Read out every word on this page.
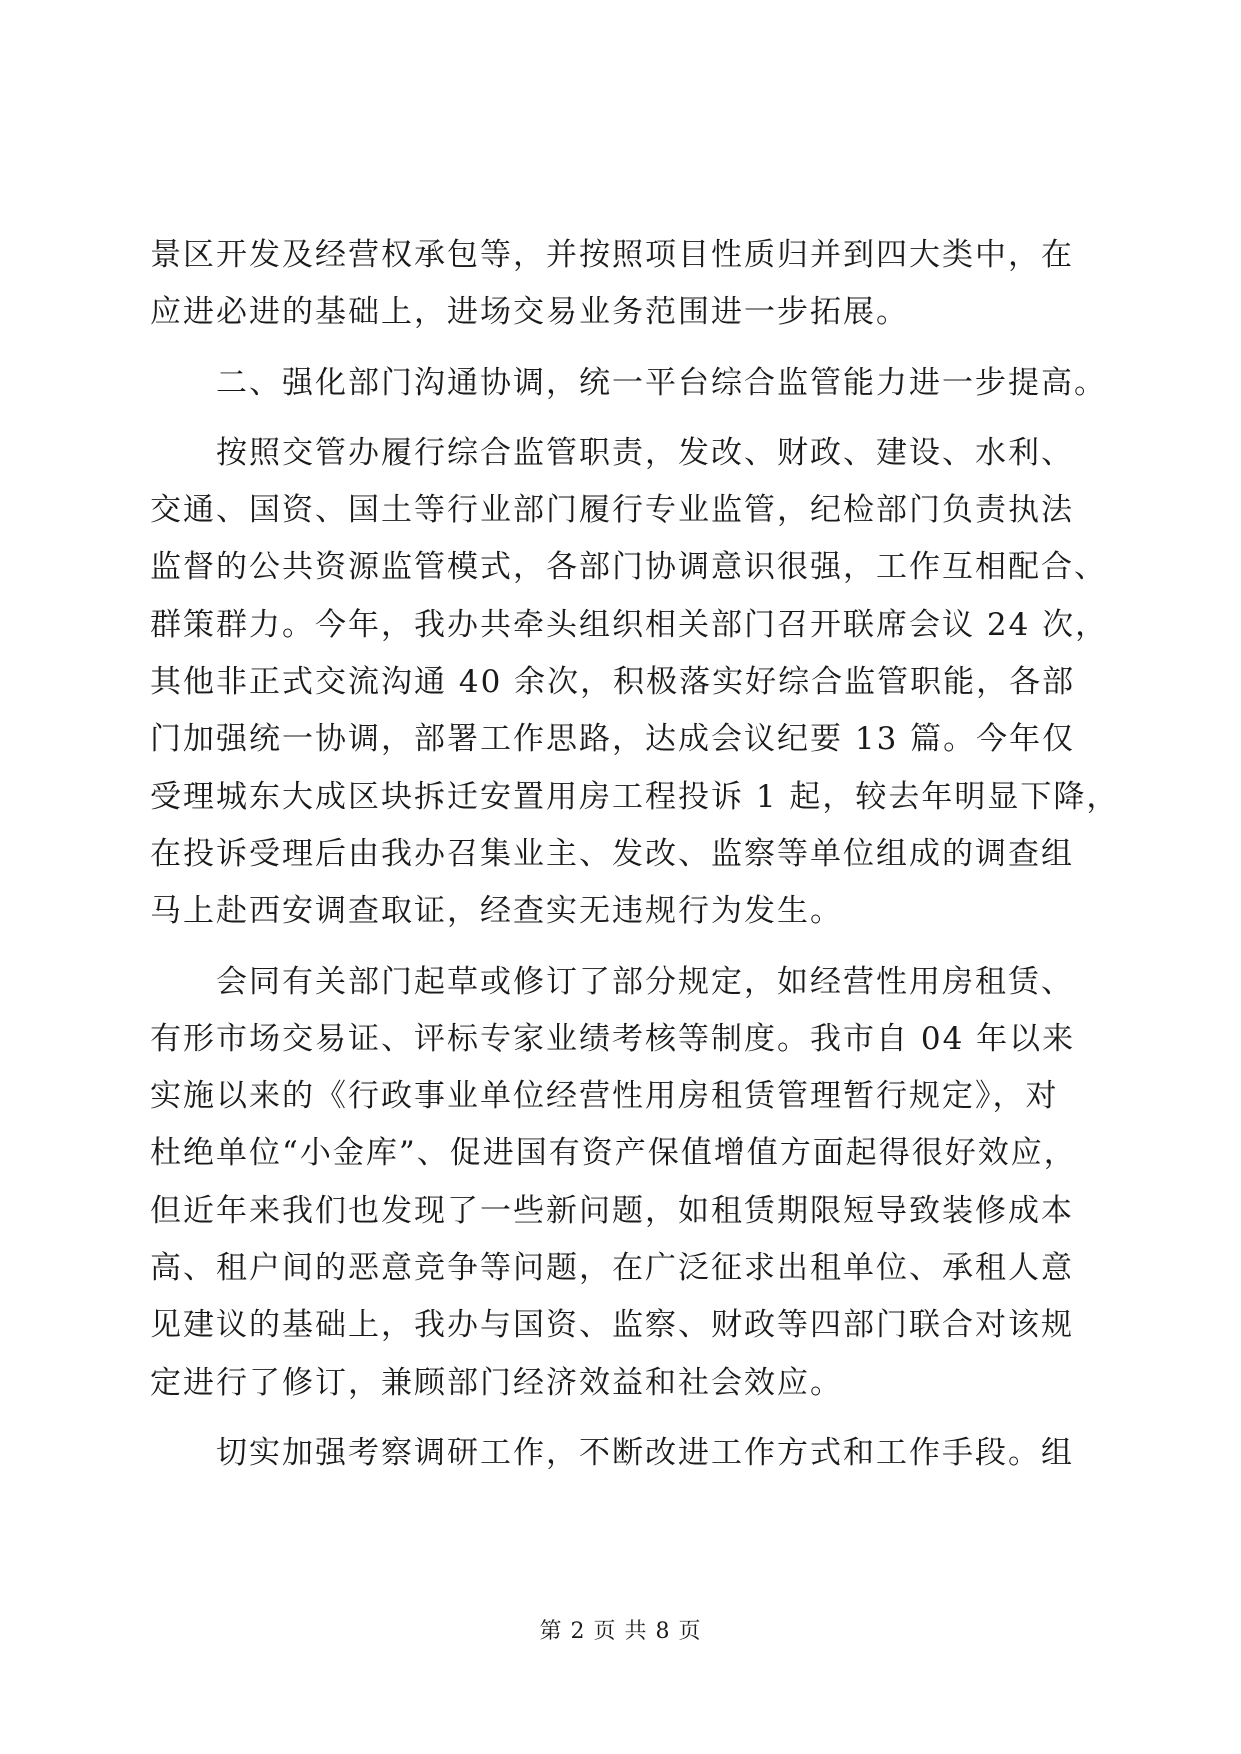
景区开发及经营权承包等，并按照项目性质归并到四大类中，在
应进必进的基础上，进场交易业务范围进一步拓展。
　　二、强化部门沟通协调，统一平台综合监管能力进一步提高。
　　按照交管办履行综合监管职责，发改、财政、建设、水利、
交通、国资、国土等行业部门履行专业监管，纪检部门负责执法
监督的公共资源监管模式，各部门协调意识很强，工作互相配合、
群策群力。今年，我办共牵头组织相关部门召开联席会议 24 次，
其他非正式交流沟通 40 余次，积极落实好综合监管职能，各部
门加强统一协调，部署工作思路，达成会议纪要 13 篇。今年仅
受理城东大成区块拆迁安置用房工程投诉 1 起，较去年明显下降，
在投诉受理后由我办召集业主、发改、监察等单位组成的调查组
马上赴西安调查取证，经查实无违规行为发生。
　　会同有关部门起草或修订了部分规定，如经营性用房租赁、
有形市场交易证、评标专家业绩考核等制度。我市自 04 年以来
实施以来的《行政事业单位经营性用房租赁管理暂行规定》，对
杜绝单位“小金库”、促进国有资产保值增值方面起得很好效应，
但近年来我们也发现了一些新问题，如租赁期限短导致装修成本
高、租户间的恶意竞争等问题，在广泛征求出租单位、承租人意
见建议的基础上，我办与国资、监察、财政等四部门联合对该规
定进行了修订，兼顾部门经济效益和社会效应。
　　切实加强考察调研工作，不断改进工作方式和工作手段。组
第 2 页 共 8 页
